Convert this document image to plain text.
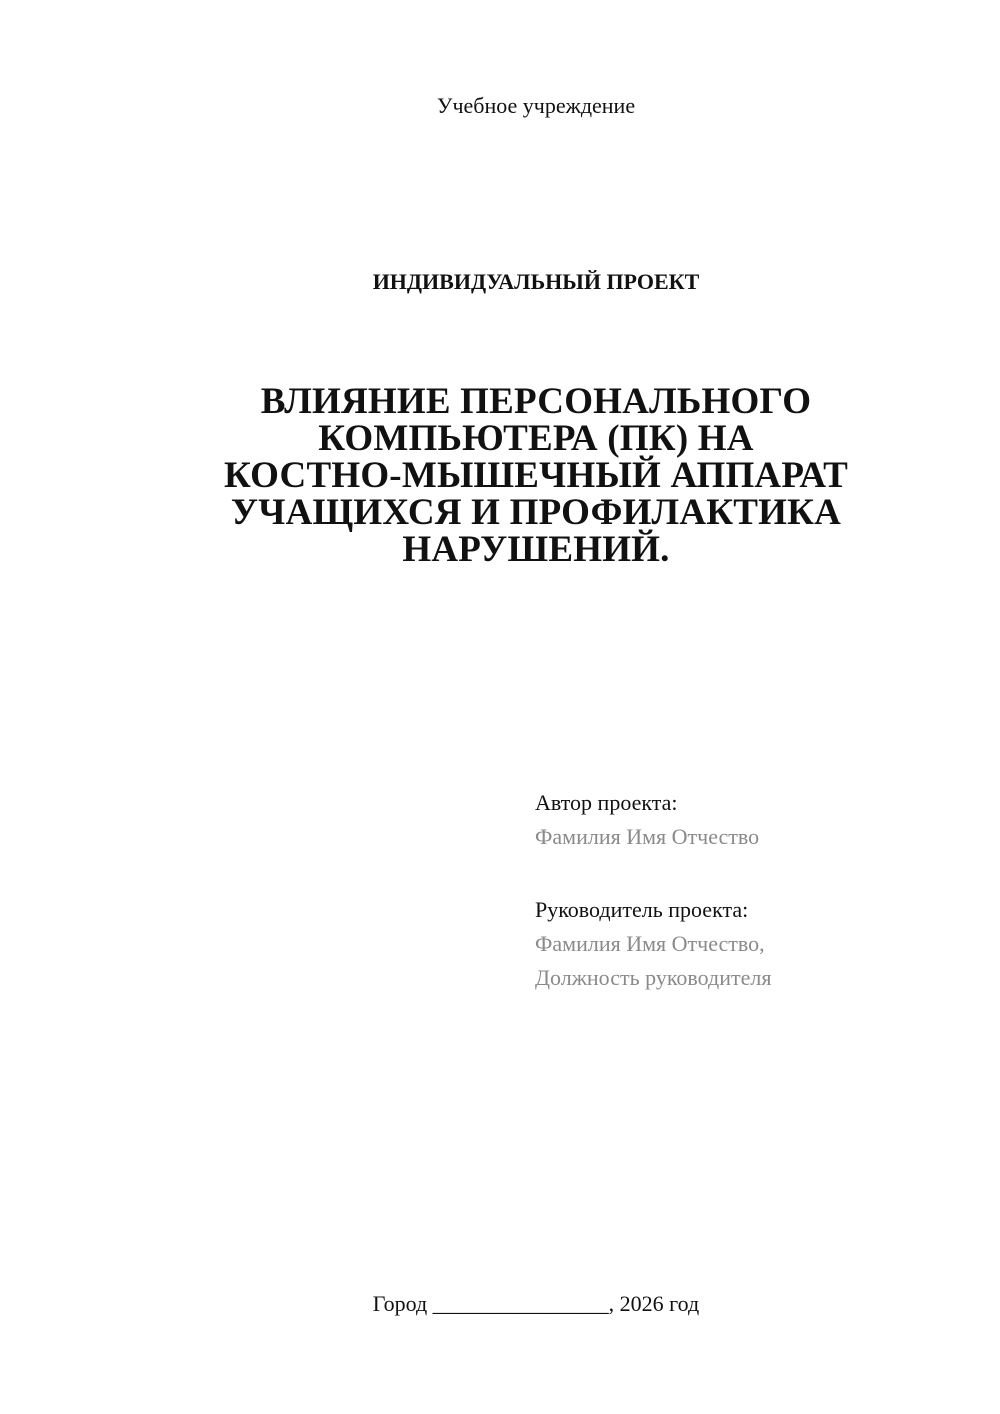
Учебное учреждение
ИНДИВИДУАЛЬНЫЙ ПРОЕКТ
ВЛИЯНИЕ ПЕРСОНАЛЬНОГО
КОМПЬЮТЕРА (ПК) НА
КОСТНО-МЫШЕЧНЫЙ АППАРАТ
УЧАЩИХСЯ И ПРОФИЛАКТИКА
НАРУШЕНИЙ.
Автор проекта:
Фамилия Имя Отчество
Руководитель проекта:
Фамилия Имя Отчество,
Должность руководителя
Город ________________, 2026 год
